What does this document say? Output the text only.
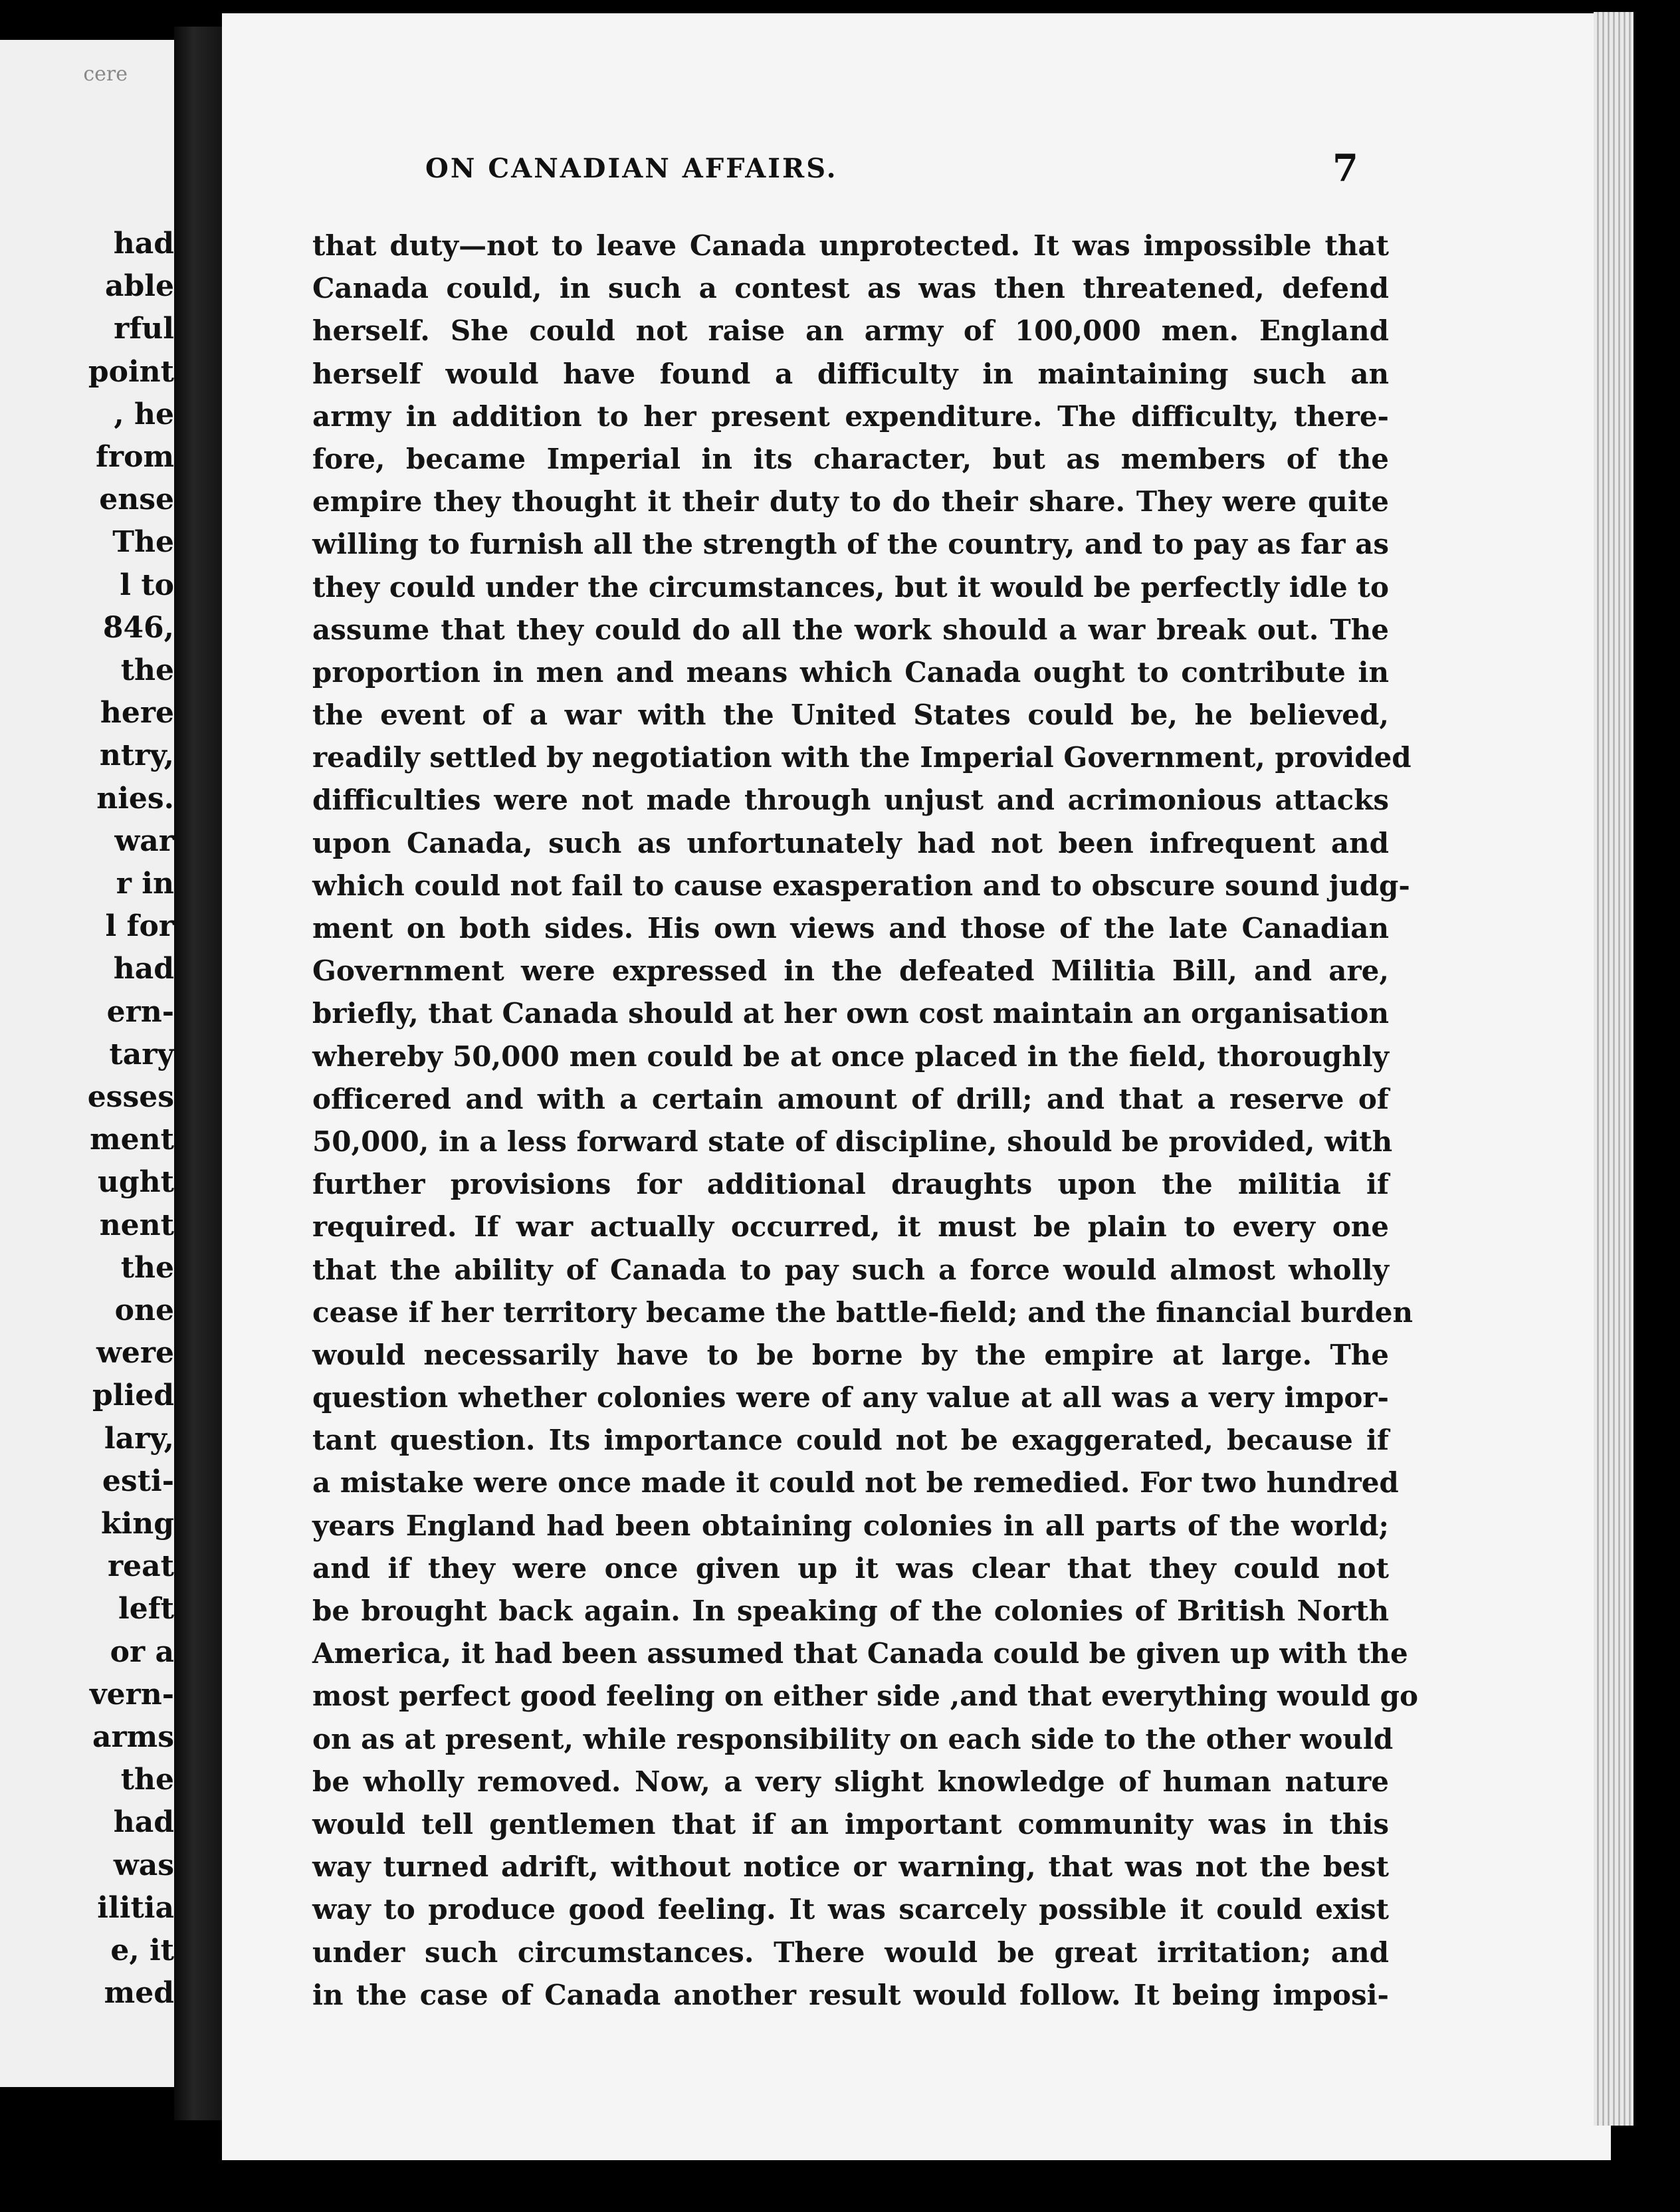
cere
had
able
rful
point
, he
from
ense
The
l to
846,
the
here
ntry,
nies.
war
r in
l for
had
ern-
tary
esses
ment
ught
nent
the
one
were
plied
lary,
esti-
king
reat
left
or a
vern-
arms
the
had
was
ilitia
e, it
med
ON CANADIAN AFFAIRS.	7
that duty—not to leave Canada unprotected. It was impossible that
Canada could, in such a contest as was then threatened, defend
herself. She could not raise an army of 100,000 men. England
herself would have found a difficulty in maintaining such an
army in addition to her present expenditure. The difficulty, there-
fore, became Imperial in its character, but as members of the
empire they thought it their duty to do their share. They were quite
willing to furnish all the strength of the country, and to pay as far as
they could under the circumstances, but it would be perfectly idle to
assume that they could do all the work should a war break out. The
proportion in men and means which Canada ought to contribute in
the event of a war with the United States could be, he believed,
readily settled by negotiation with the Imperial Government, provided
difficulties were not made through unjust and acrimonious attacks
upon Canada, such as unfortunately had not been infrequent and
which could not fail to cause exasperation and to obscure sound judg-
ment on both sides. His own views and those of the late Canadian
Government were expressed in the defeated Militia Bill, and are,
briefly, that Canada should at her own cost maintain an organisation
whereby 50,000 men could be at once placed in the field, thoroughly
officered and with a certain amount of drill; and that a reserve of
50,000, in a less forward state of discipline, should be provided, with
further provisions for additional draughts upon the militia if
required. If war actually occurred, it must be plain to every one
that the ability of Canada to pay such a force would almost wholly
cease if her territory became the battle-field; and the financial burden
would necessarily have to be borne by the empire at large. The
question whether colonies were of any value at all was a very impor-
tant question. Its importance could not be exaggerated, because if
a mistake were once made it could not be remedied. For two hundred
years England had been obtaining colonies in all parts of the world;
and if they were once given up it was clear that they could not
be brought back again. In speaking of the colonies of British North
America, it had been assumed that Canada could be given up with the
most perfect good feeling on either side ,and that everything would go
on as at present, while responsibility on each side to the other would
be wholly removed. Now, a very slight knowledge of human nature
would tell gentlemen that if an important community was in this
way turned adrift, without notice or warning, that was not the best
way to produce good feeling. It was scarcely possible it could exist
under such circumstances. There would be great irritation; and
in the case of Canada another result would follow. It being imposi-
